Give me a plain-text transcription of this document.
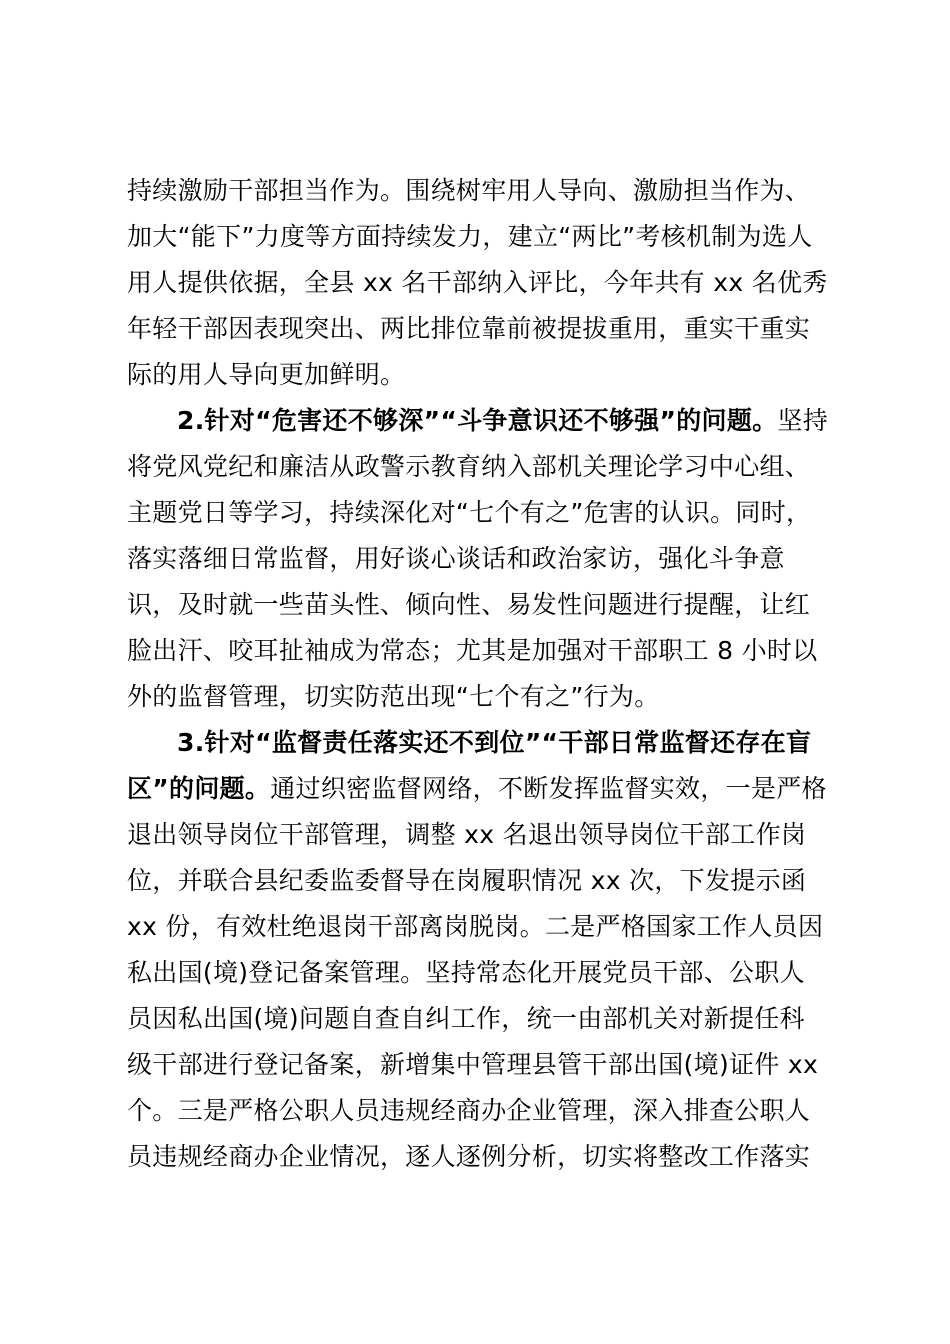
持续激励干部担当作为。围绕树牢用人导向、激励担当作为、
加大“能下”力度等方面持续发力，建立“两比”考核机制为选人
用人提供依据，全县 xx 名干部纳入评比，今年共有 xx 名优秀
年轻干部因表现突出、两比排位靠前被提拔重用，重实干重实
际的用人导向更加鲜明。
2.针对“危害还不够深”“斗争意识还不够强”的问题。坚持
将党风党纪和廉洁从政警示教育纳入部机关理论学习中心组、
主题党日等学习，持续深化对“七个有之”危害的认识。同时，
落实落细日常监督，用好谈心谈话和政治家访，强化斗争意
识，及时就一些苗头性、倾向性、易发性问题进行提醒，让红
脸出汗、咬耳扯袖成为常态；尤其是加强对干部职工 8 小时以
外的监督管理，切实防范出现“七个有之”行为。
3.针对“监督责任落实还不到位”“干部日常监督还存在盲
区”的问题。通过织密监督网络，不断发挥监督实效，一是严格
退出领导岗位干部管理，调整 xx 名退出领导岗位干部工作岗
位，并联合县纪委监委督导在岗履职情况 xx 次，下发提示函
xx 份，有效杜绝退岗干部离岗脱岗。二是严格国家工作人员因
私出国(境)登记备案管理。坚持常态化开展党员干部、公职人
员因私出国(境)问题自查自纠工作，统一由部机关对新提任科
级干部进行登记备案，新增集中管理县管干部出国(境)证件 xx
个。三是严格公职人员违规经商办企业管理，深入排查公职人
员违规经商办企业情况，逐人逐例分析，切实将整改工作落实
